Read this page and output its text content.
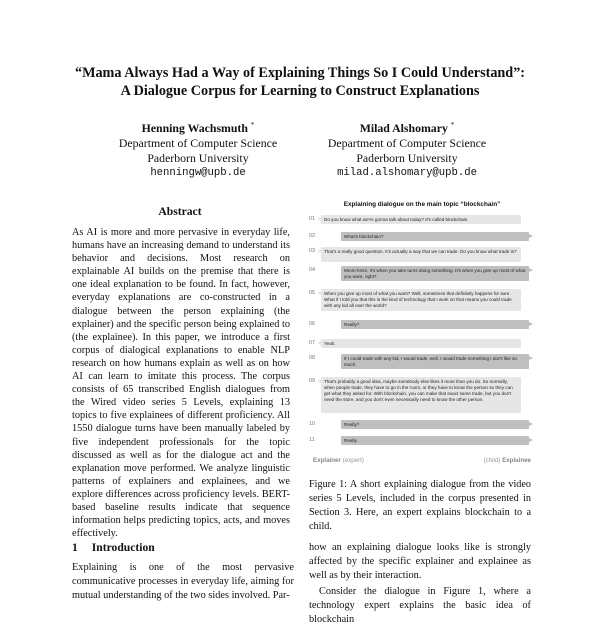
“Mama Always Had a Way of Explaining Things So I Could Understand”:
A Dialogue Corpus for Learning to Construct Explanations
Henning Wachsmuth *
Department of Computer Science
Paderborn University
henningw@upb.de
Milad Alshomary *
Department of Computer Science
Paderborn University
milad.alshomary@upb.de
Abstract
As AI is more and more pervasive in everyday life, humans have an increasing demand to understand its behavior and decisions. Most research on explainable AI builds on the premise that there is one ideal explanation to be found. In fact, however, everyday explanations are co-constructed in a dialogue between the person explaining (the explainer) and the specific person being explained to (the explainee). In this paper, we introduce a first corpus of dialogical explanations to enable NLP research on how humans explain as well as on how AI can learn to imitate this process. The corpus consists of 65 transcribed English dialogues from the Wired video series 5 Levels, explaining 13 topics to five explainees of different proficiency. All 1550 dialogue turns have been manually labeled by five independent professionals for the topic discussed as well as for the dialogue act and the explanation move performed. We analyze linguistic patterns of explainers and explainees, and we explore differences across proficiency levels. BERT-based baseline results indicate that sequence information helps predicting topics, acts, and moves effectively.
1 Introduction
Explaining is one of the most pervasive communicative processes in everyday life, aiming for mutual understanding of the two sides involved. Par-
Explaining dialogue on the main topic “blockchain”
01	Do you know what we're gonna talk about today? It's called blockchain.
02	What's blockchain?
03	That's a really good question. It's actually a way that we can trade. Do you know what trade is?
04	Mmm-hmm, it's when you take turns doing something. It's when you give up most of what you want, right?
05	When you give up most of what you want? Well, sometimes that definitely happens for sure. What if I told you that this is the kind of technology that I work on that means you could trade with any kid all over the world?
06	Really?
07	Yeah.
08	If I could trade with any kid, I would trade, well, I would trade something I don't like so much.
09	That's probably a good idea, maybe somebody else likes it more than you do. So normally, when people trade, they have to go in the room, or they have to know the person so they can get what they asked for. With blockchain, you can make that exact same trade, but you don't need the store, and you don't even necessarily need to know the other person.
10	Really?
11	Really.
Explainer (expert)	(child) Explainee
Figure 1: A short explaining dialogue from the video series 5 Levels, included in the corpus presented in Section 3. Here, an expert explains blockchain to a child.
how an explaining dialogue looks like is strongly affected by the specific explainer and explainee as well as by their interaction.
Consider the dialogue in Figure 1, where a technology expert explains the basic idea of blockchain
